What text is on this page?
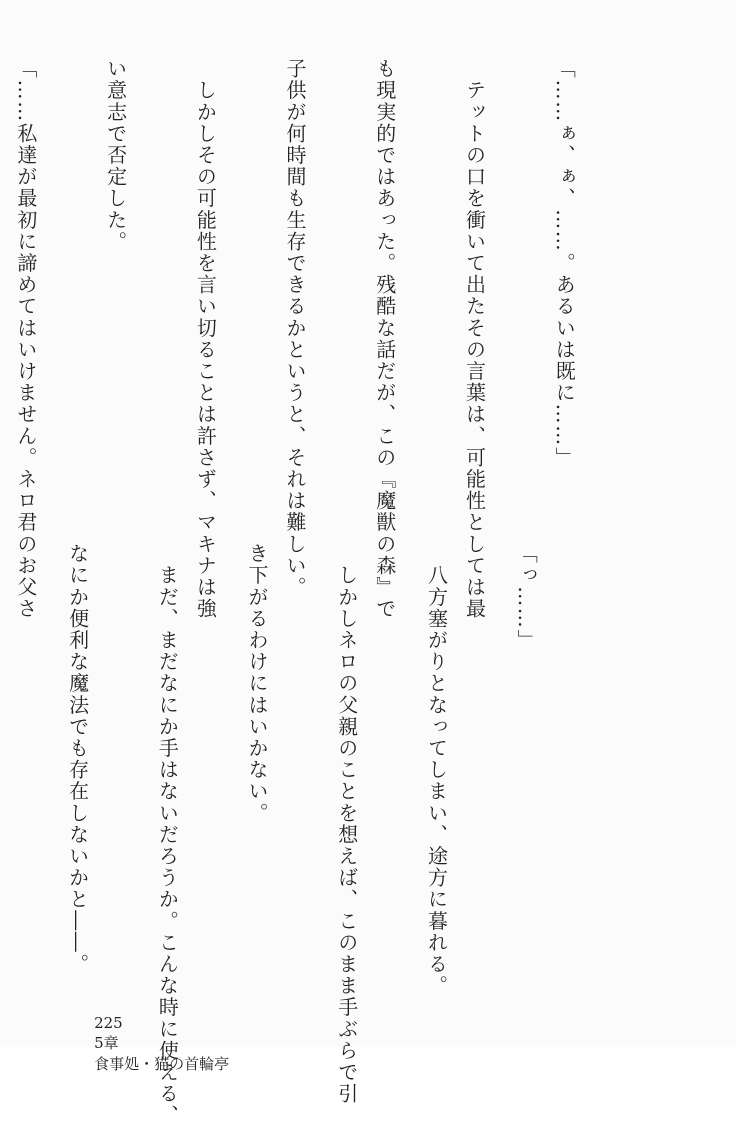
「……ぁ、ぁ、……。あるいは既に……」

　テットの口を衝いて出たその言葉は、可能性としては最

も現実的ではあった。残酷な話だが、この『魔獣の森』で

子供が何時間も生存できるかというと、それは難しい。

　しかしその可能性を言い切ることは許さず、マキナは強

い意志で否定した。

「……私達が最初に諦めてはいけません。ネロ君のお父さ

	「っ……」

　八方塞がりとなってしまい、途方に暮れる。

　しかしネロの父親のことを想えば、このまま手ぶらで引

き下がるわけにはいかない。

　まだ、まだなにか手はないだろうか。こんな時に使える、

なにか便利な魔法でも存在しないかと――。

225
5章
食事処・猫の首輪亭
